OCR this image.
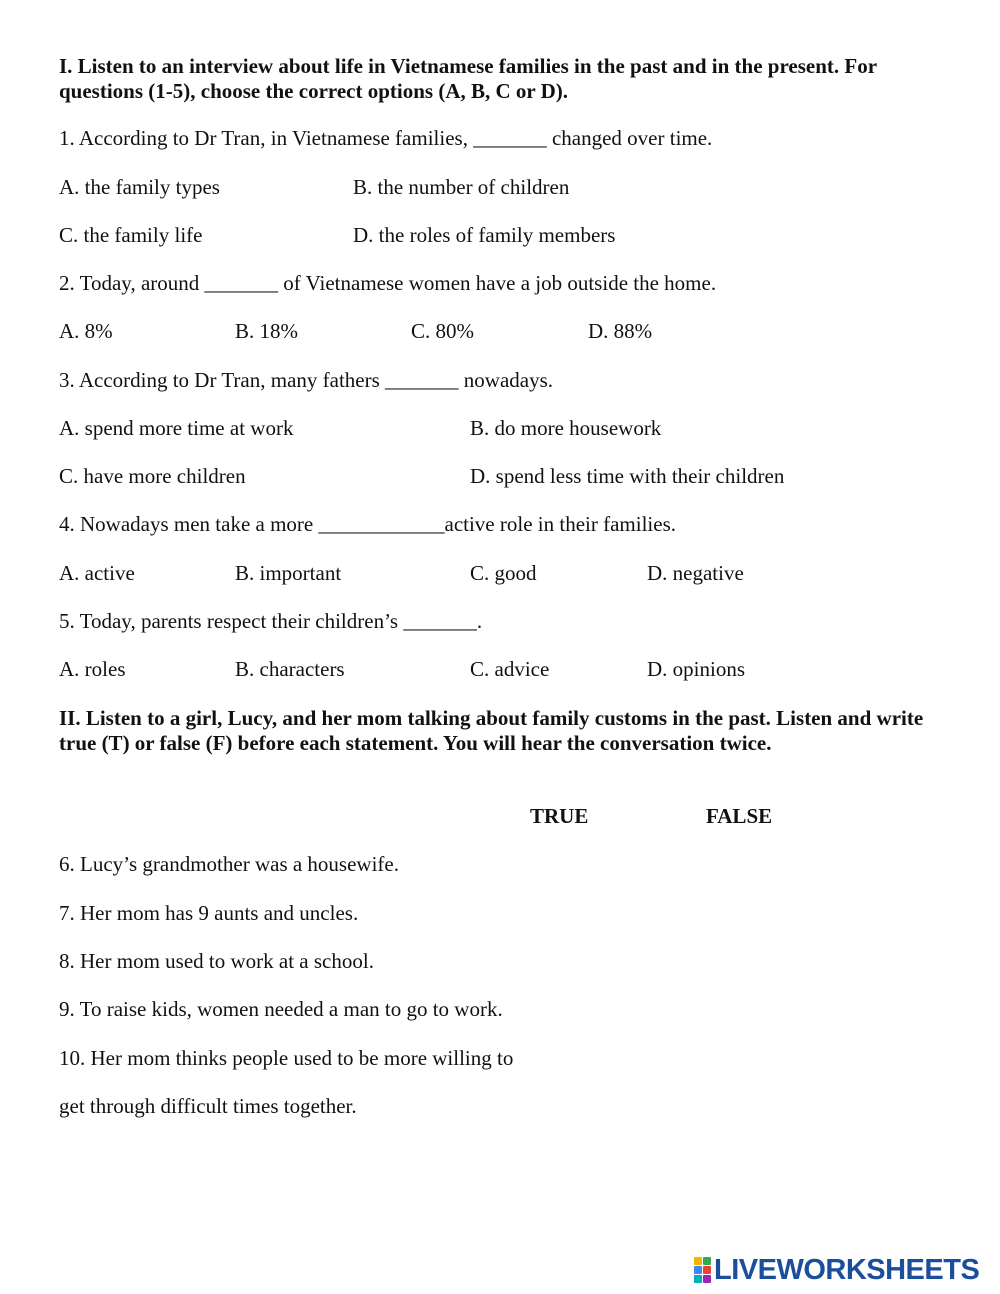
I. Listen to an interview about life in Vietnamese families in the past and in the present. For questions (1-5), choose the correct options (A, B, C or D).
1. According to Dr Tran, in Vietnamese families, _______ changed over time.
A. the family types	B. the number of children
C. the family life	D. the roles of family members
2. Today, around _______ of Vietnamese women have a job outside the home.
A. 8%	B. 18%	C. 80%	D. 88%
3. According to Dr Tran, many fathers _______ nowadays.
A. spend more time at work	B. do more housework
C. have more children	D. spend less time with their children
4. Nowadays men take a more ____________active role in their families.
A. active	B. important	C. good	D. negative
5. Today, parents respect their children’s _______.
A. roles	B. characters	C. advice	D. opinions
II. Listen to a girl, Lucy, and her mom talking about family customs in the past. Listen and write true (T) or false (F) before each statement. You will hear the conversation twice.
TRUE	FALSE
6. Lucy’s grandmother was a housewife.
7. Her mom has 9 aunts and uncles.
8. Her mom used to work at a school.
9. To raise kids, women needed a man to go to work.
10. Her mom thinks people used to be more willing to
get through difficult times together.
LIVEWORKSHEETS
